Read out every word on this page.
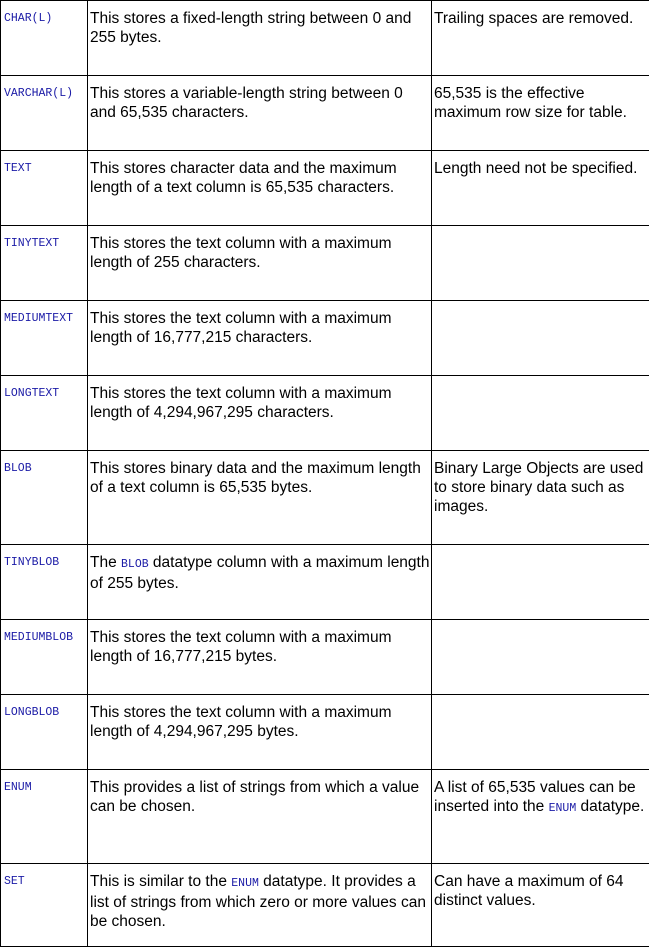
CHAR(L)	This stores a fixed-length string between 0 and 255 bytes.	Trailing spaces are removed.

VARCHAR(L)	This stores a variable-length string between 0 and 65,535 characters.	65,535 is the effective maximum row size for table.

TEXT	This stores character data and the maximum length of a text column is 65,535 characters.	Length need not be specified.

TINYTEXT	This stores the text column with a maximum length of 255 characters.	

MEDIUMTEXT	This stores the text column with a maximum length of 16,777,215 characters.	

LONGTEXT	This stores the text column with a maximum length of 4,294,967,295 characters.	

BLOB	This stores binary data and the maximum length of a text column is 65,535 bytes.	Binary Large Objects are used to store binary data such as images.

TINYBLOB	The BLOB datatype column with a maximum length of 255 bytes.	

MEDIUMBLOB	This stores the text column with a maximum length of 16,777,215 bytes.	

LONGBLOB	This stores the text column with a maximum length of 4,294,967,295 bytes.	

ENUM	This provides a list of strings from which a value can be chosen.	A list of 65,535 values can be inserted into the ENUM datatype.

SET	This is similar to the ENUM datatype. It provides a list of strings from which zero or more values can be chosen.	Can have a maximum of 64 distinct values.
